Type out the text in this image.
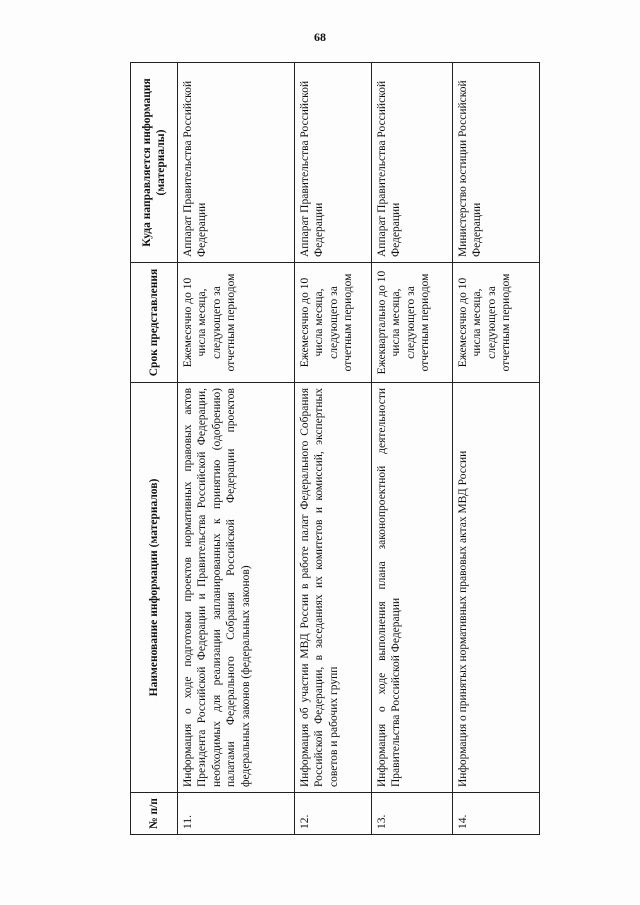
68
№ п/п	Наименование информации (материалов)	Срок представления	Куда направляется информация (материалы)
11.	Информация о ходе подготовки проектов нормативных правовых актов Президента Российской Федерации и Правительства Российской Федерации, необходимых для реализации запланированных к принятию (одобрению) палатами Федерального Собрания Российской Федерации проектов федеральных законов (федеральных законов)	Ежемесячно до 10 числа месяца, следующего за отчетным периодом	Аппарат Правительства Российской Федерации
12.	Информация об участии МВД России в работе палат Федерального Собрания Российской Федерации, в заседаниях их комитетов и комиссий, экспертных советов и рабочих групп	Ежемесячно до 10 числа месяца, следующего за отчетным периодом	Аппарат Правительства Российской Федерации
13.	Информация о ходе выполнения плана законопроектной деятельности Правительства Российской Федерации	Ежеквартально до 10 числа месяца, следующего за отчетным периодом	Аппарат Правительства Российской Федерации
14.	Информация о принятых нормативных правовых актах МВД России	Ежемесячно до 10 числа месяца, следующего за отчетным периодом	Министерство юстиции Российской Федерации
